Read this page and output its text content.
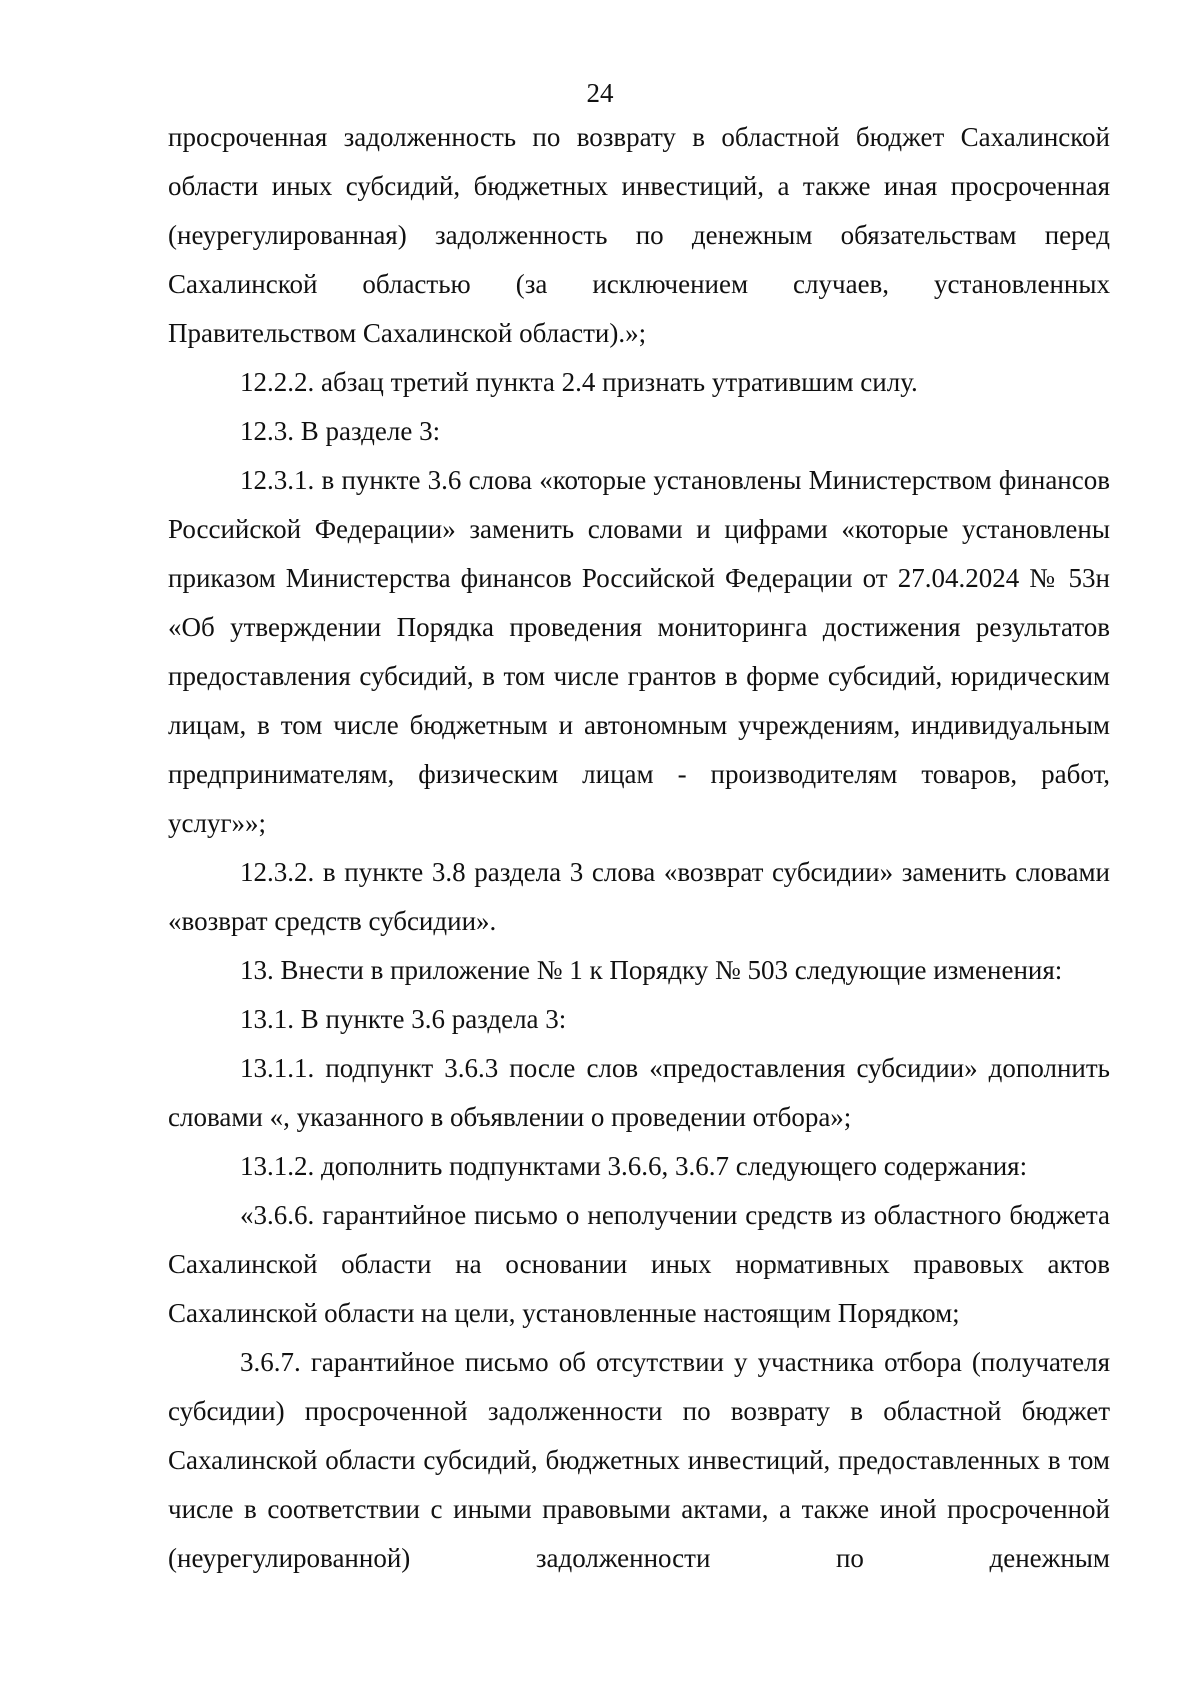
24

просроченная задолженность по возврату в областной бюджет Сахалинской области иных субсидий, бюджетных инвестиций, а также иная просроченная (неурегулированная) задолженность по денежным обязательствам перед Сахалинской областью (за исключением случаев, установленных Правительством Сахалинской области).»;

12.2.2. абзац третий пункта 2.4 признать утратившим силу.

12.3. В разделе 3:

12.3.1. в пункте 3.6 слова «которые установлены Министерством финансов Российской Федерации» заменить словами и цифрами «которые установлены приказом Министерства финансов Российской Федерации от 27.04.2024 № 53н «Об утверждении Порядка проведения мониторинга достижения результатов предоставления субсидий, в том числе грантов в форме субсидий, юридическим лицам, в том числе бюджетным и автономным учреждениям, индивидуальным предпринимателям, физическим лицам - производителям товаров, работ, услуг»»;

12.3.2. в пункте 3.8 раздела 3 слова «возврат субсидии» заменить словами «возврат средств субсидии».

13. Внести в приложение № 1 к Порядку № 503 следующие изменения:

13.1. В пункте 3.6 раздела 3:

13.1.1. подпункт 3.6.3 после слов «предоставления субсидии» дополнить словами «, указанного в объявлении о проведении отбора»;

13.1.2. дополнить подпунктами 3.6.6, 3.6.7 следующего содержания:

«3.6.6. гарантийное письмо о неполучении средств из областного бюджета Сахалинской области на основании иных нормативных правовых актов Сахалинской области на цели, установленные настоящим Порядком;

3.6.7. гарантийное письмо об отсутствии у участника отбора (получателя субсидии) просроченной задолженности по возврату в областной бюджет Сахалинской области субсидий, бюджетных инвестиций, предоставленных в том числе в соответствии с иными правовыми актами, а также иной просроченной (неурегулированной) задолженности по денежным
